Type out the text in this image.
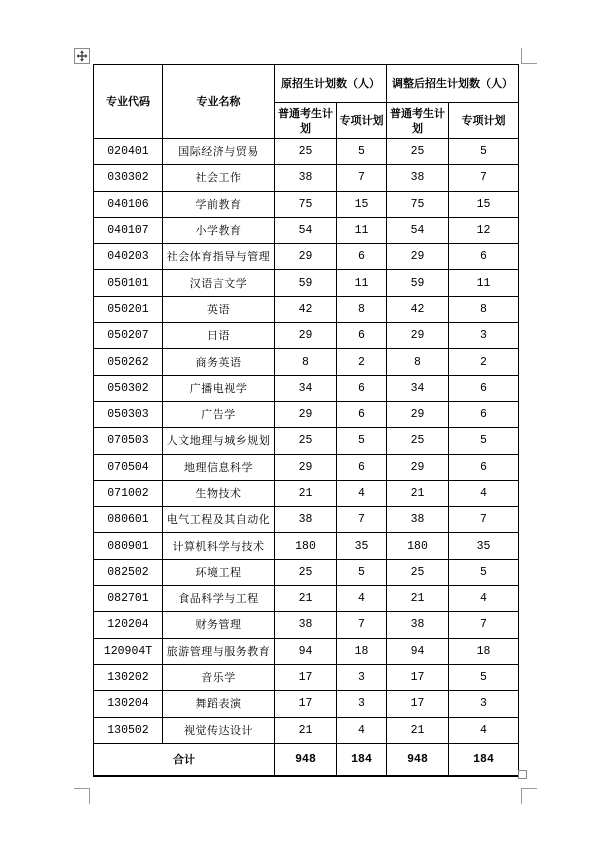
专业代码	专业名称	原招生计划数（人）		调整后招生计划数（人）	
		普通考生计划	专项计划	普通考生计划	专项计划
020401	国际经济与贸易	25	5	25	5
030302	社会工作	38	7	38	7
040106	学前教育	75	15	75	15
040107	小学教育	54	11	54	12
040203	社会体育指导与管理	29	6	29	6
050101	汉语言文学	59	11	59	11
050201	英语	42	8	42	8
050207	日语	29	6	29	3
050262	商务英语	8	2	8	2
050302	广播电视学	34	6	34	6
050303	广告学	29	6	29	6
070503	人文地理与城乡规划	25	5	25	5
070504	地理信息科学	29	6	29	6
071002	生物技术	21	4	21	4
080601	电气工程及其自动化	38	7	38	7
080901	计算机科学与技术	180	35	180	35
082502	环境工程	25	5	25	5
082701	食品科学与工程	21	4	21	4
120204	财务管理	38	7	38	7
120904T	旅游管理与服务教育	94	18	94	18
130202	音乐学	17	3	17	5
130204	舞蹈表演	17	3	17	3
130502	视觉传达设计	21	4	21	4
合计		948	184	948	184
